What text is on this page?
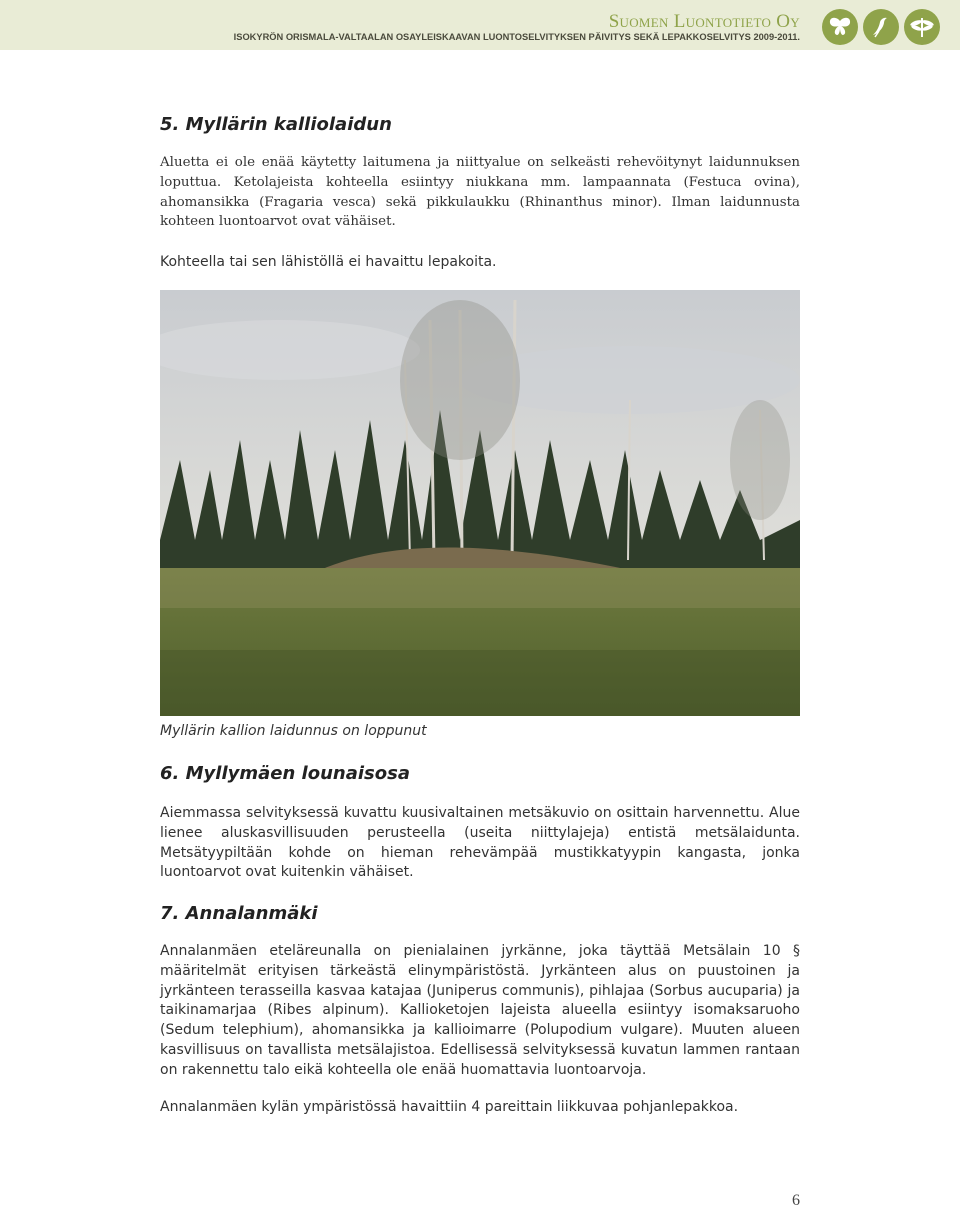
Suomen Luontotieto Oy
ISOKYRÖN ORISMALA-VALTAALAN OSAYLEISKAAVAN LUONTOSELVITYKSEN PÄIVITYS SEKÄ LEPAKKOSELVITYS 2009-2011.
5. Myllärin kalliolaidun

Aluetta ei ole enää käytetty laitumena ja niittyalue on selkeästi rehevöitynyt laidunnuksen loputtua. Ketolajeista kohteella esiintyy niukkana mm. lampaannata (Festuca ovina), ahomansikka (Fragaria vesca) sekä pikkulaukku (Rhinanthus minor). Ilman laidunnusta kohteen luontoarvot ovat vähäiset.

Kohteella tai sen lähistöllä ei havaittu lepakoita.

Myllärin kallion laidunnus on loppunut

6. Myllymäen lounaisosa

Aiemmassa selvityksessä kuvattu kuusivaltainen metsäkuvio on osittain harvennettu. Alue lienee aluskasvillisuuden perusteella (useita niittylajeja) entistä metsälaidunta. Metsätyypiltään kohde on hieman rehevämpää mustikkatyypin kangasta, jonka luontoarvot ovat kuitenkin vähäiset.

7. Annalanmäki

Annalanmäen eteläreunalla on pienialainen jyrkänne, joka täyttää Metsälain 10 § määritelmät erityisen tärkeästä elinympäristöstä. Jyrkänteen alus on puustoinen ja jyrkänteen terasseilla kasvaa katajaa (Juniperus communis), pihlajaa (Sorbus aucuparia) ja taikinamarjaa (Ribes alpinum). Kallioketojen lajeista alueella esiintyy isomaksaruoho (Sedum telephium), ahomansikka ja kallioimarre (Polupodium vulgare). Muuten alueen kasvillisuus on tavallista metsälajistoa. Edellisessä selvityksessä kuvatun lammen rantaan on rakennettu talo eikä kohteella ole enää huomattavia luontoarvoja.

Annalanmäen kylän ympäristössä havaittiin 4 pareittain liikkuvaa pohjanlepakkoa.

6
